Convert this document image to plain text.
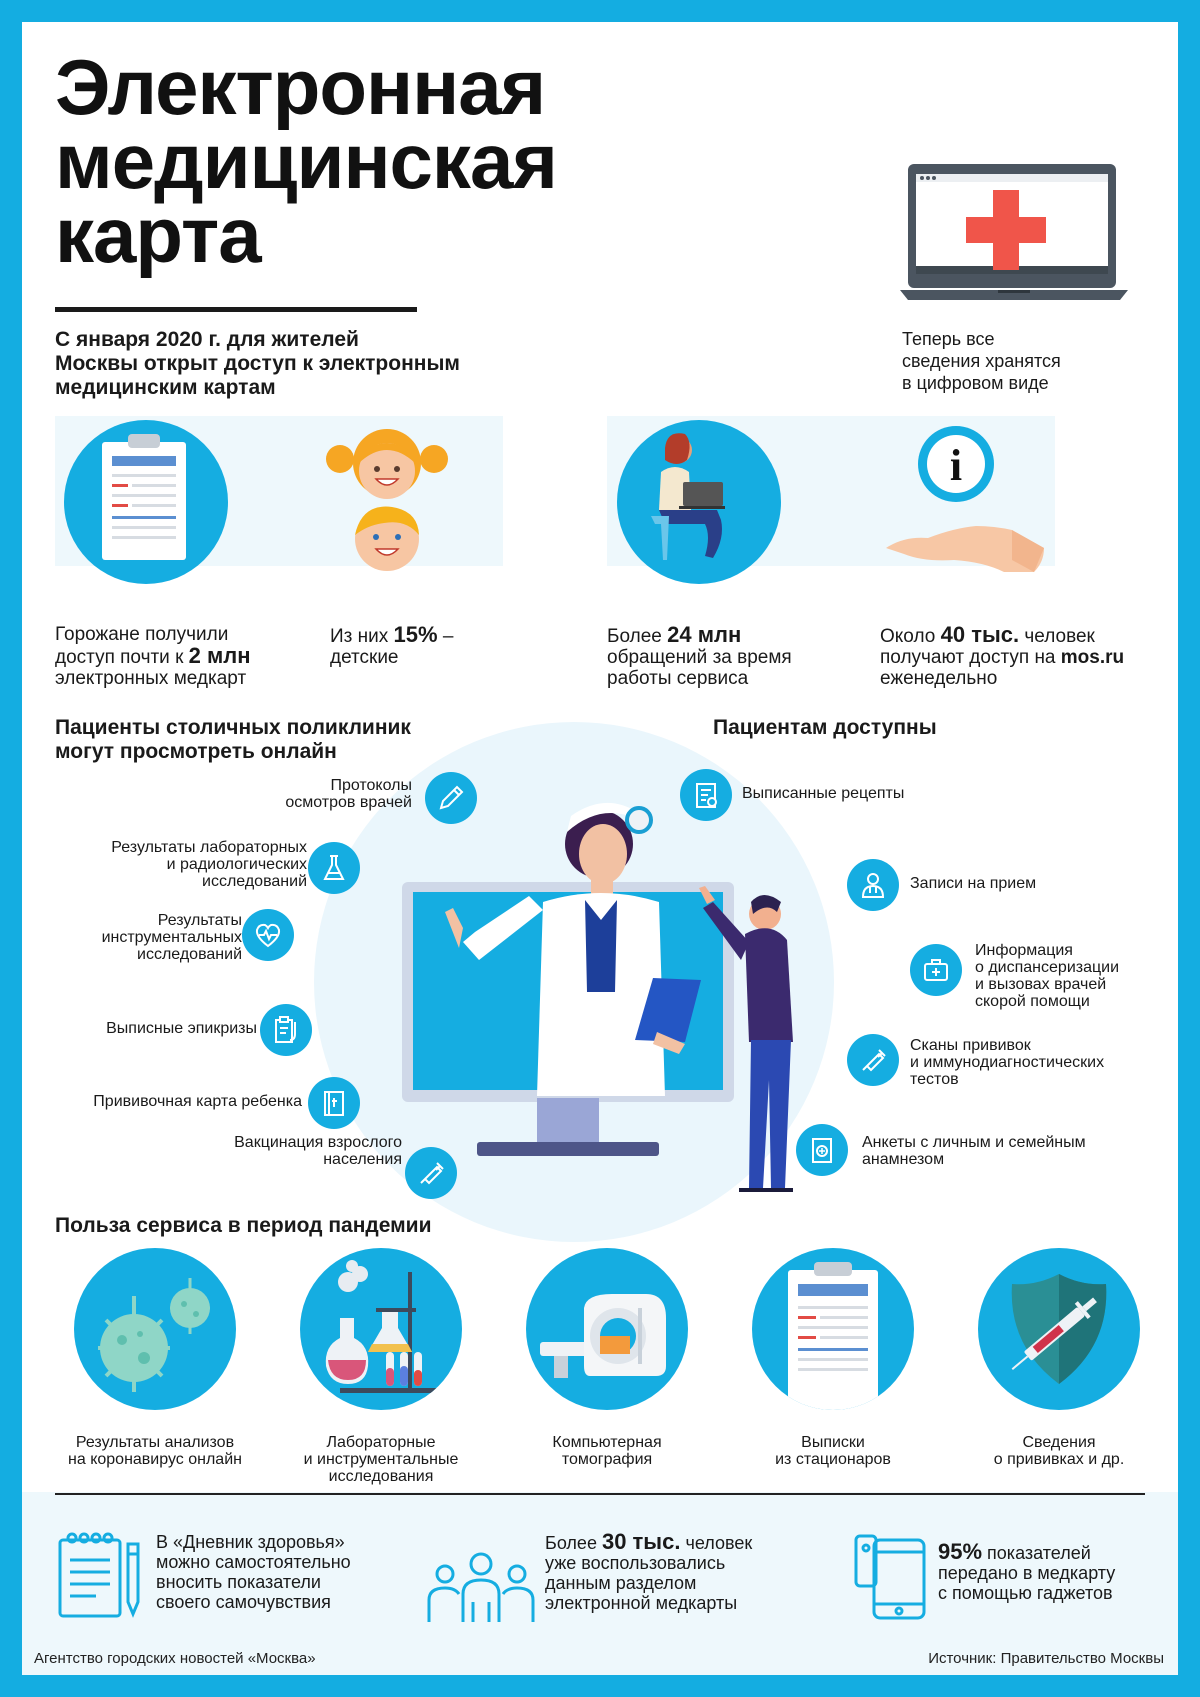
Электронная
медицинская
карта
С января 2020 г. для жителей
Москвы открыт доступ к электронным
медицинским картам
Теперь все
сведения хранятся
в цифровом виде
i
Горожане получили
доступ почти к 2 млн
электронных медкарт
Из них 15% –
детские
Более 24 млн
обращений за время
работы сервиса
Около 40 тыс. человек
получают доступ на mos.ru
еженедельно
Пациенты столичных поликлиник
могут просмотреть онлайн
Пациентам доступны
Протоколы
осмотров врачей
Результаты лабораторных
и радиологических
исследований
Результаты
инструментальных
исследований
Выписные эпикризы
Прививочная карта ребенка
Вакцинация взрослого
населения
Выписанные рецепты
Записи на прием
Информация
о диспансеризации
и вызовах врачей
скорой помощи
Сканы прививок
и иммунодиагностических
тестов
Анкеты с личным и семейным
анамнезом
Польза сервиса в период пандемии
Результаты анализов
на коронавирус онлайн
Лабораторные
и инструментальные
исследования
Компьютерная
томография
Выписки
из стационаров
Сведения
о прививках и др.
В «Дневник здоровья»
можно самостоятельно
вносить показатели
своего самочувствия
Более 30 тыс. человек
уже воспользовались
данным разделом
электронной медкарты
95% показателей
передано в медкарту
с помощью гаджетов
Агентство городских новостей «Москва»	Источник: Правительство Москвы
